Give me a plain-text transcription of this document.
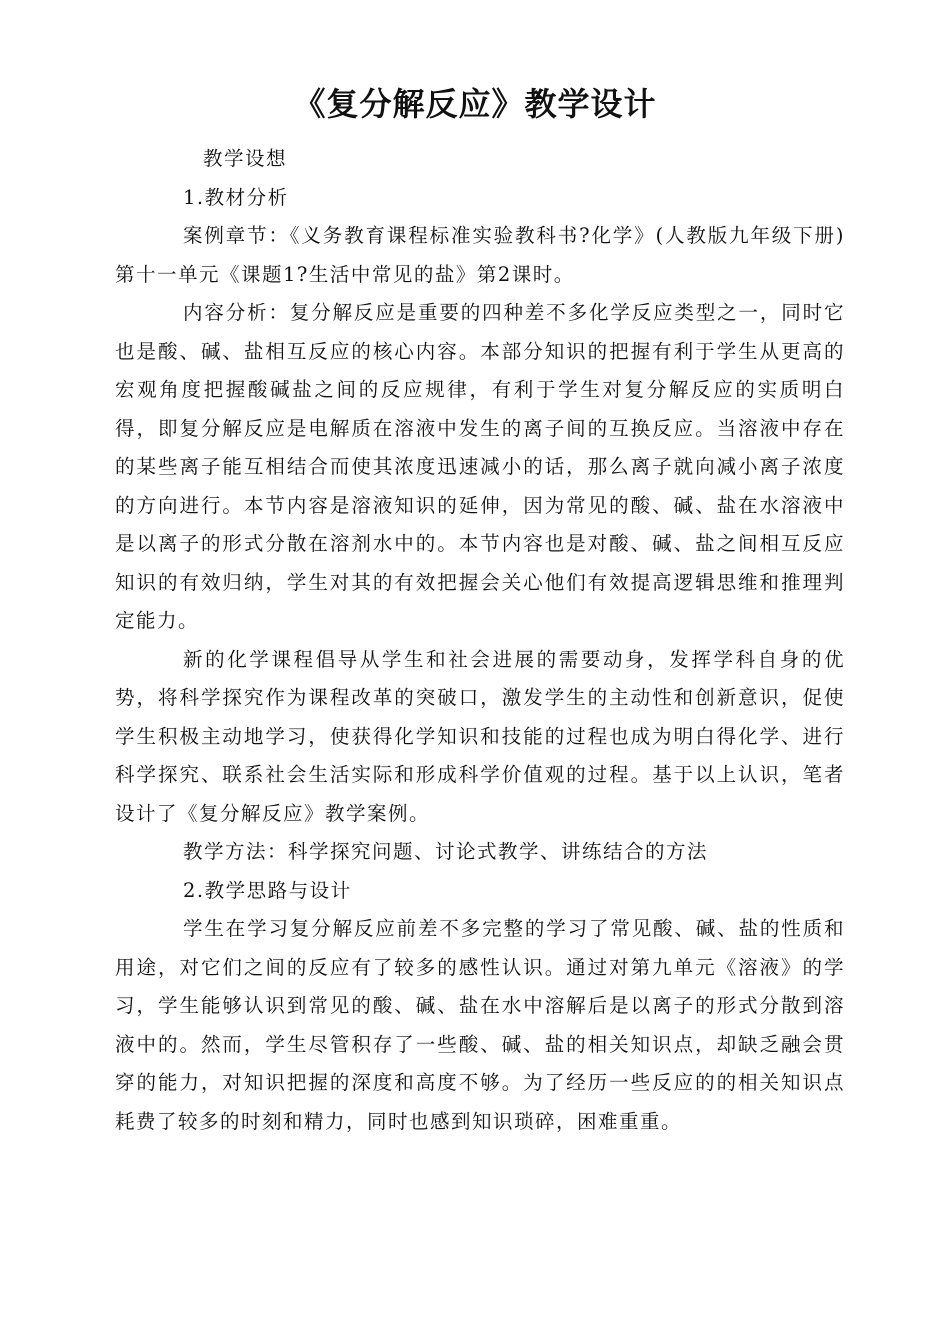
《复分解反应》教学设计

教学设想

1.教材分析

案例章节：《义务教育课程标准实验教科书?化学》(人教版九年级下册)第十一单元《课题1?生活中常见的盐》第2课时。

内容分析：复分解反应是重要的四种差不多化学反应类型之一，同时它也是酸、碱、盐相互反应的核心内容。本部分知识的把握有利于学生从更高的宏观角度把握酸碱盐之间的反应规律，有利于学生对复分解反应的实质明白得，即复分解反应是电解质在溶液中发生的离子间的互换反应。当溶液中存在的某些离子能互相结合而使其浓度迅速减小的话，那么离子就向减小离子浓度的方向进行。本节内容是溶液知识的延伸，因为常见的酸、碱、盐在水溶液中是以离子的形式分散在溶剂水中的。本节内容也是对酸、碱、盐之间相互反应知识的有效归纳，学生对其的有效把握会关心他们有效提高逻辑思维和推理判定能力。

新的化学课程倡导从学生和社会进展的需要动身，发挥学科自身的优势，将科学探究作为课程改革的突破口，激发学生的主动性和创新意识，促使学生积极主动地学习，使获得化学知识和技能的过程也成为明白得化学、进行科学探究、联系社会生活实际和形成科学价值观的过程。基于以上认识，笔者设计了《复分解反应》教学案例。

教学方法：科学探究问题、讨论式教学、讲练结合的方法

2.教学思路与设计

学生在学习复分解反应前差不多完整的学习了常见酸、碱、盐的性质和用途，对它们之间的反应有了较多的感性认识。通过对第九单元《溶液》的学习，学生能够认识到常见的酸、碱、盐在水中溶解后是以离子的形式分散到溶液中的。然而，学生尽管积存了一些酸、碱、盐的相关知识点，却缺乏融会贯穿的能力，对知识把握的深度和高度不够。为了经历一些反应的的相关知识点耗费了较多的时刻和精力，同时也感到知识琐碎，困难重重。
